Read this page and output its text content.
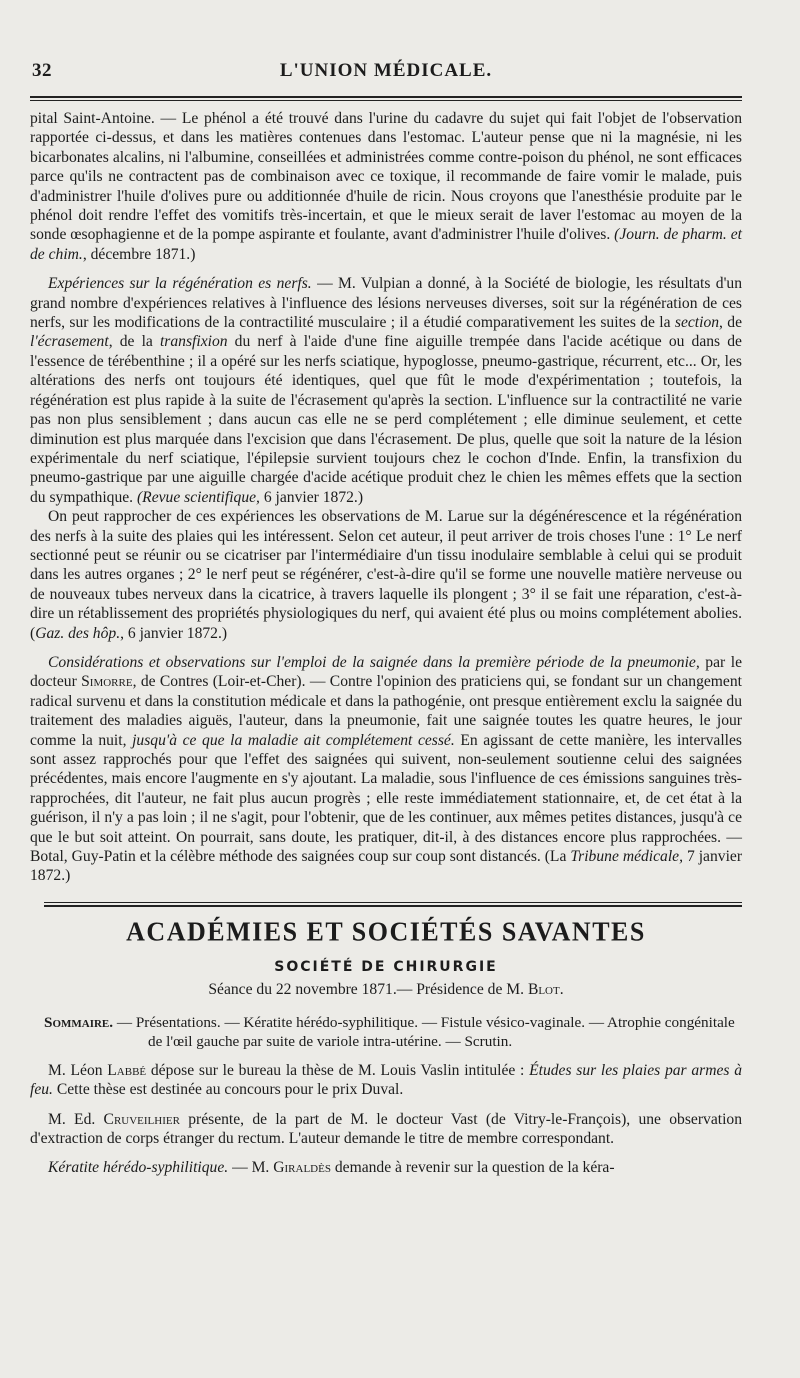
32	L'UNION MÉDICALE.

pital Saint-Antoine. — Le phénol a été trouvé dans l'urine du cadavre du sujet qui fait l'objet de l'observation rapportée ci-dessus, et dans les matières contenues dans l'estomac. L'auteur pense que ni la magnésie, ni les bicarbonates alcalins, ni l'albumine, conseillées et administrées comme contre-poison du phénol, ne sont efficaces parce qu'ils ne contractent pas de combinaison avec ce toxique, il recommande de faire vomir le malade, puis d'administrer l'huile d'olives pure ou additionnée d'huile de ricin. Nous croyons que l'anesthésie produite par le phénol doit rendre l'effet des vomitifs très-incertain, et que le mieux serait de laver l'estomac au moyen de la sonde œsophagienne et de la pompe aspirante et foulante, avant d'administrer l'huile d'olives. (Journ. de pharm. et de chim., décembre 1871.)

Expériences sur la régénération es nerfs. — M. Vulpian a donné, à la Société de biologie, les résultats d'un grand nombre d'expériences relatives à l'influence des lésions nerveuses diverses, soit sur la régénération de ces nerfs, sur les modifications de la contractilité musculaire ; il a étudié comparativement les suites de la section, de l'écrasement, de la transfixion du nerf à l'aide d'une fine aiguille trempée dans l'acide acétique ou dans de l'essence de térébenthine ; il a opéré sur les nerfs sciatique, hypoglosse, pneumo-gastrique, récurrent, etc... Or, les altérations des nerfs ont toujours été identiques, quel que fût le mode d'expérimentation ; toutefois, la régénération est plus rapide à la suite de l'écrasement qu'après la section. L'influence sur la contractilité ne varie pas non plus sensiblement ; dans aucun cas elle ne se perd complétement ; elle diminue seulement, et cette diminution est plus marquée dans l'excision que dans l'écrasement. De plus, quelle que soit la nature de la lésion expérimentale du nerf sciatique, l'épilepsie survient toujours chez le cochon d'Inde. Enfin, la transfixion du pneumo-gastrique par une aiguille chargée d'acide acétique produit chez le chien les mêmes effets que la section du sympathique. (Revue scientifique, 6 janvier 1872.)

On peut rapprocher de ces expériences les observations de M. Larue sur la dégénérescence et la régénération des nerfs à la suite des plaies qui les intéressent. Selon cet auteur, il peut arriver de trois choses l'une : 1° Le nerf sectionné peut se réunir ou se cicatriser par l'intermédiaire d'un tissu inodulaire semblable à celui qui se produit dans les autres organes ; 2° le nerf peut se régénérer, c'est-à-dire qu'il se forme une nouvelle matière nerveuse ou de nouveaux tubes nerveux dans la cicatrice, à travers laquelle ils plongent ; 3° il se fait une réparation, c'est-à-dire un rétablissement des propriétés physiologiques du nerf, qui avaient été plus ou moins complétement abolies. (Gaz. des hôp., 6 janvier 1872.)

Considérations et observations sur l'emploi de la saignée dans la première période de la pneumonie, par le docteur Simorre, de Contres (Loir-et-Cher). — Contre l'opinion des praticiens qui, se fondant sur un changement radical survenu et dans la constitution médicale et dans la pathogénie, ont presque entièrement exclu la saignée du traitement des maladies aiguës, l'auteur, dans la pneumonie, fait une saignée toutes les quatre heures, le jour comme la nuit, jusqu'à ce que la maladie ait complétement cessé. En agissant de cette manière, les intervalles sont assez rapprochés pour que l'effet des saignées qui suivent, non-seulement soutienne celui des saignées précédentes, mais encore l'augmente en s'y ajoutant. La maladie, sous l'influence de ces émissions sanguines très-rapprochées, dit l'auteur, ne fait plus aucun progrès ; elle reste immédiatement stationnaire, et, de cet état à la guérison, il n'y a pas loin ; il ne s'agit, pour l'obtenir, que de les continuer, aux mêmes petites distances, jusqu'à ce que le but soit atteint. On pourrait, sans doute, les pratiquer, dit-il, à des distances encore plus rapprochées. — Botal, Guy-Patin et la célèbre méthode des saignées coup sur coup sont distancés. (La Tribune médicale, 7 janvier 1872.)

ACADÉMIES ET SOCIÉTÉS SAVANTES
SOCIÉTÉ DE CHIRURGIE
Séance du 22 novembre 1871.— Présidence de M. Blot.

Sommaire. — Présentations. — Kératite hérédo-syphilitique. — Fistule vésico-vaginale. — Atrophie congénitale de l'œil gauche par suite de variole intra-utérine. — Scrutin.

M. Léon Labbé dépose sur le bureau la thèse de M. Louis Vaslin intitulée : Études sur les plaies par armes à feu. Cette thèse est destinée au concours pour le prix Duval.

M. Ed. Cruveilhier présente, de la part de M. le docteur Vast (de Vitry-le-François), une observation d'extraction de corps étranger du rectum. L'auteur demande le titre de membre correspondant.

Kératite hérédo-syphilitique. — M. Giraldès demande à revenir sur la question de la kéra-
